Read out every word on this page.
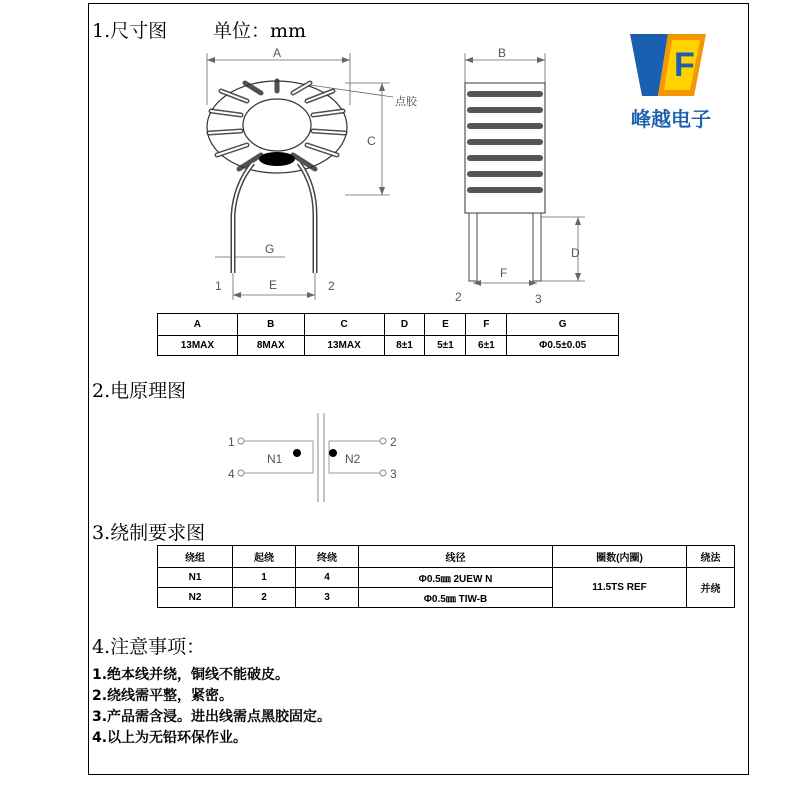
1.尺寸图 单位：mm
2.电原理图
3.绕制要求图
4.注意事项：
F
峰越电子
A
C
点胶
G
E
1	2
B
D
F
2	3
A	B	C	D	E	F	G
13MAX	8MAX	13MAX	8±1	5±1	6±1	Φ0.5±0.05
1
4
2
3
N1	N2
绕组	起绕	终绕	线径	圈数(内圈)	绕法
N1	1	4	Φ0.5㎜ 2UEW N	11.5TS REF	并绕
N2	2	3	Φ0.5㎜ TIW-B		
1.绝本线并绕，铜线不能破皮。
2.绕线需平整，紧密。
3.产品需含浸。进出线需点黑胶固定。
4.以上为无铅环保作业。
